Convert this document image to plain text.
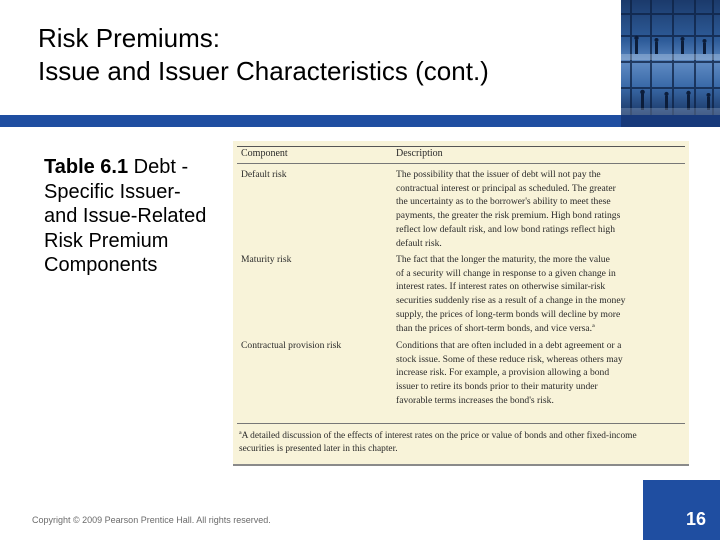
Risk Premiums:
Issue and Issuer Characteristics (cont.)
Table 6.1 Debt -Specific Issuer- and Issue-Related Risk Premium Components
Component	Description
Default risk	The possibility that the issuer of debt will not pay the
contractual interest or principal as scheduled. The greater
the uncertainty as to the borrower's ability to meet these
payments, the greater the risk premium. High bond ratings
reflect low default risk, and low bond ratings reflect high
default risk.
Maturity risk	The fact that the longer the maturity, the more the value
of a security will change in response to a given change in
interest rates. If interest rates on otherwise similar-risk
securities suddenly rise as a result of a change in the money
supply, the prices of long-term bonds will decline by more
than the prices of short-term bonds, and vice versa.ª
Contractual provision risk	Conditions that are often included in a debt agreement or a
stock issue. Some of these reduce risk, whereas others may
increase risk. For example, a provision allowing a bond
issuer to retire its bonds prior to their maturity under
favorable terms increases the bond's risk.
ªA detailed discussion of the effects of interest rates on the price or value of bonds and other fixed-income
securities is presented later in this chapter.
Copyright © 2009 Pearson Prentice Hall. All rights reserved.	16
